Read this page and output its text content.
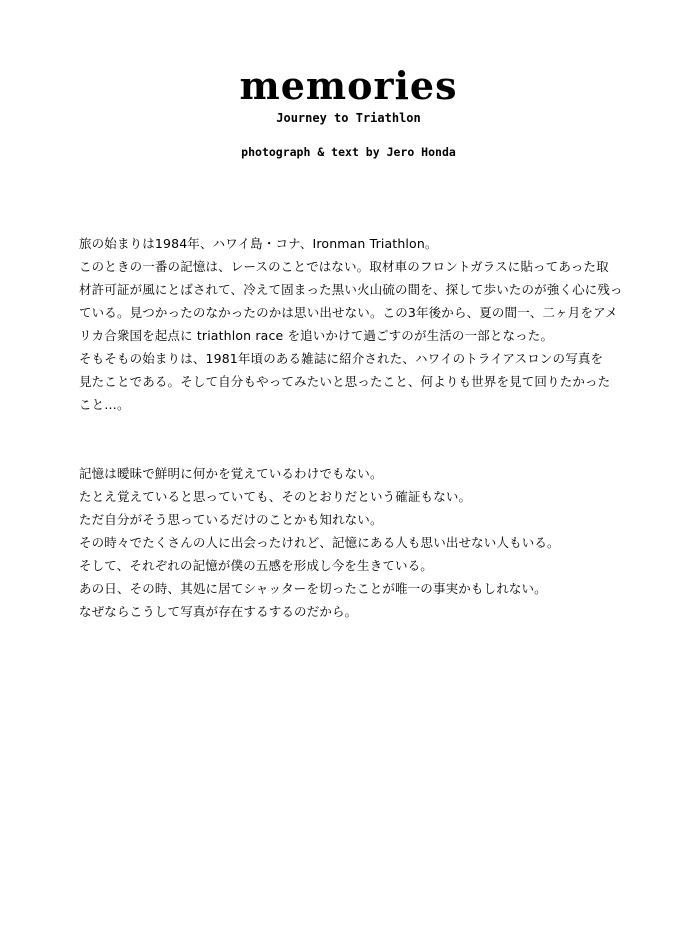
memories
Journey to Triathlon
photograph & text by Jero Honda

旅の始まりは1984年、ハワイ島・コナ、Ironman Triathlon。

このときの一番の記憶は、レースのことではない。取材車のフロントガラスに貼ってあった取

材許可証が風にとばされて、冷えて固まった黒い火山硫の間を、探して歩いたのが強く心に残っ

ている。見つかったのなかったのかは思い出せない。この3年後から、夏の間一、二ヶ月をアメ

リカ合衆国を起点に triathlon race を追いかけて過ごすのが生活の一部となった。

そもそもの始まりは、1981年頃のある雑誌に紹介された、ハワイのトライアスロンの写真を

見たことである。そして自分もやってみたいと思ったこと、何よりも世界を見て回りたかった

こと…。

記憶は曖昧で鮮明に何かを覚えているわけでもない。

たとえ覚えていると思っていても、そのとおりだという確証もない。

ただ自分がそう思っているだけのことかも知れない。

その時々でたくさんの人に出会ったけれど、記憶にある人も思い出せない人もいる。

そして、それぞれの記憶が僕の五感を形成し今を生きている。

あの日、その時、其処に居てシャッターを切ったことが唯一の事実かもしれない。

なぜならこうして写真が存在するするのだから。
